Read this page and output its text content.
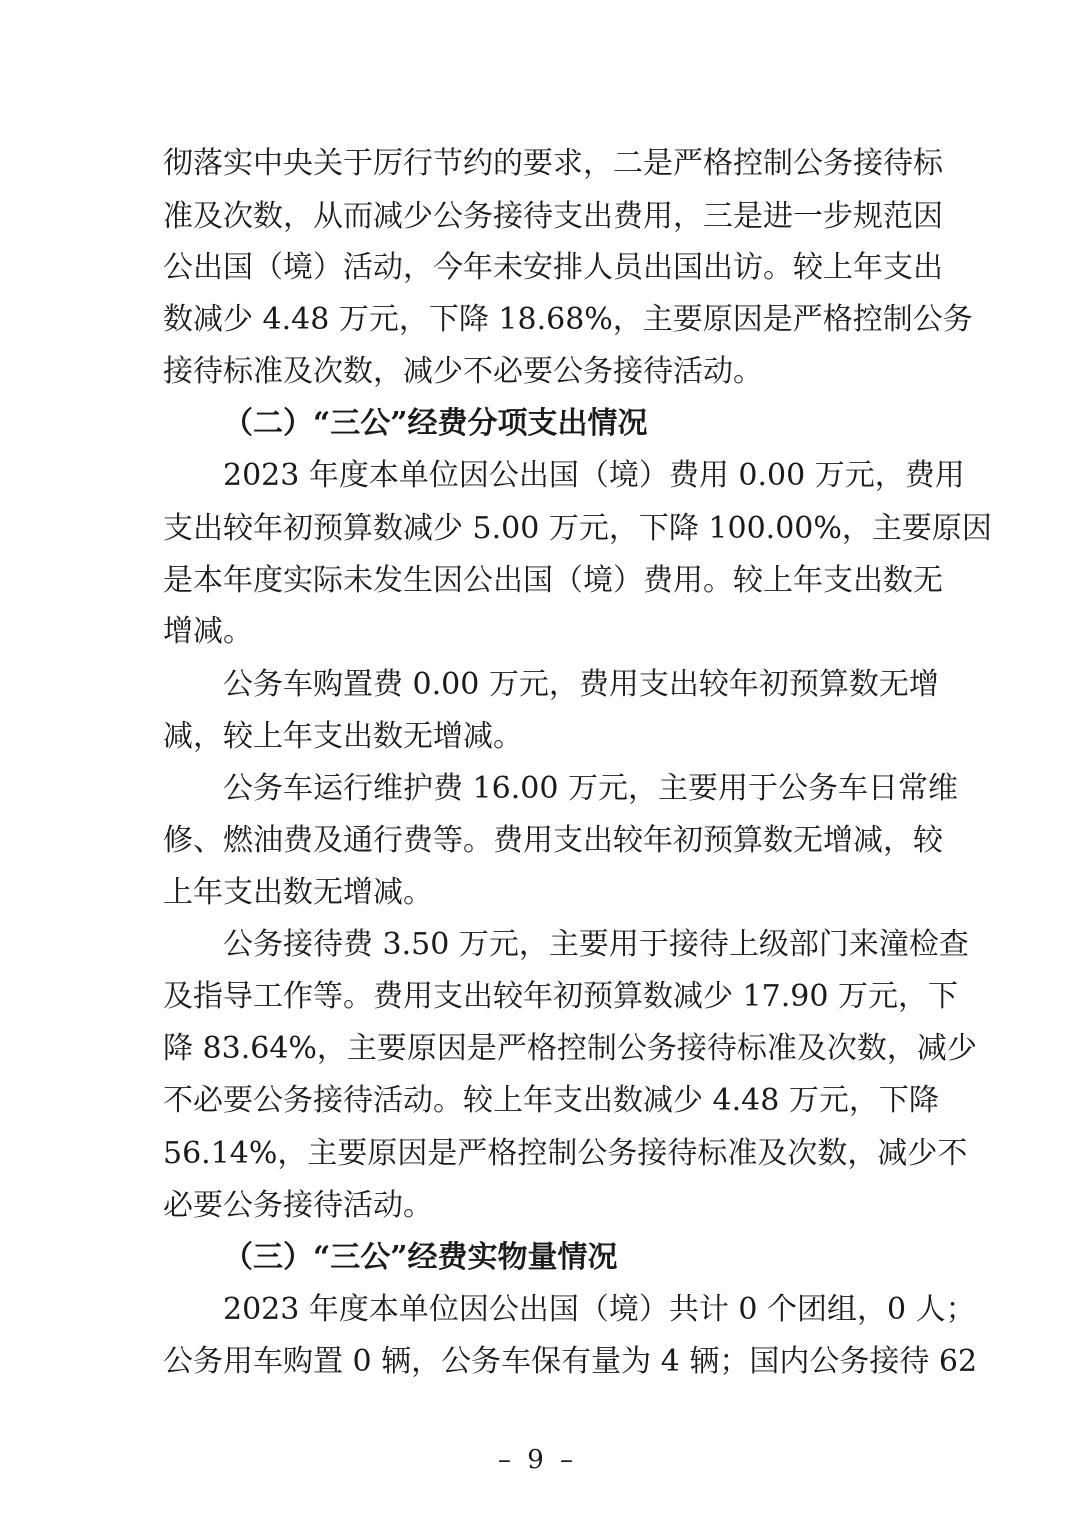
彻落实中央关于厉行节约的要求，二是严格控制公务接待标
准及次数，从而减少公务接待支出费用，三是进一步规范因
公出国（境）活动，今年未安排人员出国出访。较上年支出
数减少 4.48 万元，下降 18.68%，主要原因是严格控制公务
接待标准及次数，减少不必要公务接待活动。
（二）“三公”经费分项支出情况
2023 年度本单位因公出国（境）费用 0.00 万元，费用
支出较年初预算数减少 5.00 万元，下降 100.00%，主要原因
是本年度实际未发生因公出国（境）费用。较上年支出数无
增减。
公务车购置费 0.00 万元，费用支出较年初预算数无增
减，较上年支出数无增减。
公务车运行维护费 16.00 万元，主要用于公务车日常维
修、燃油费及通行费等。费用支出较年初预算数无增减，较
上年支出数无增减。
公务接待费 3.50 万元，主要用于接待上级部门来潼检查
及指导工作等。费用支出较年初预算数减少 17.90 万元，下
降 83.64%，主要原因是严格控制公务接待标准及次数，减少
不必要公务接待活动。较上年支出数减少 4.48 万元，下降
56.14%，主要原因是严格控制公务接待标准及次数，减少不
必要公务接待活动。
（三）“三公”经费实物量情况
2023 年度本单位因公出国（境）共计 0 个团组，0 人；
公务用车购置 0 辆，公务车保有量为 4 辆；国内公务接待 62
– 9 –
